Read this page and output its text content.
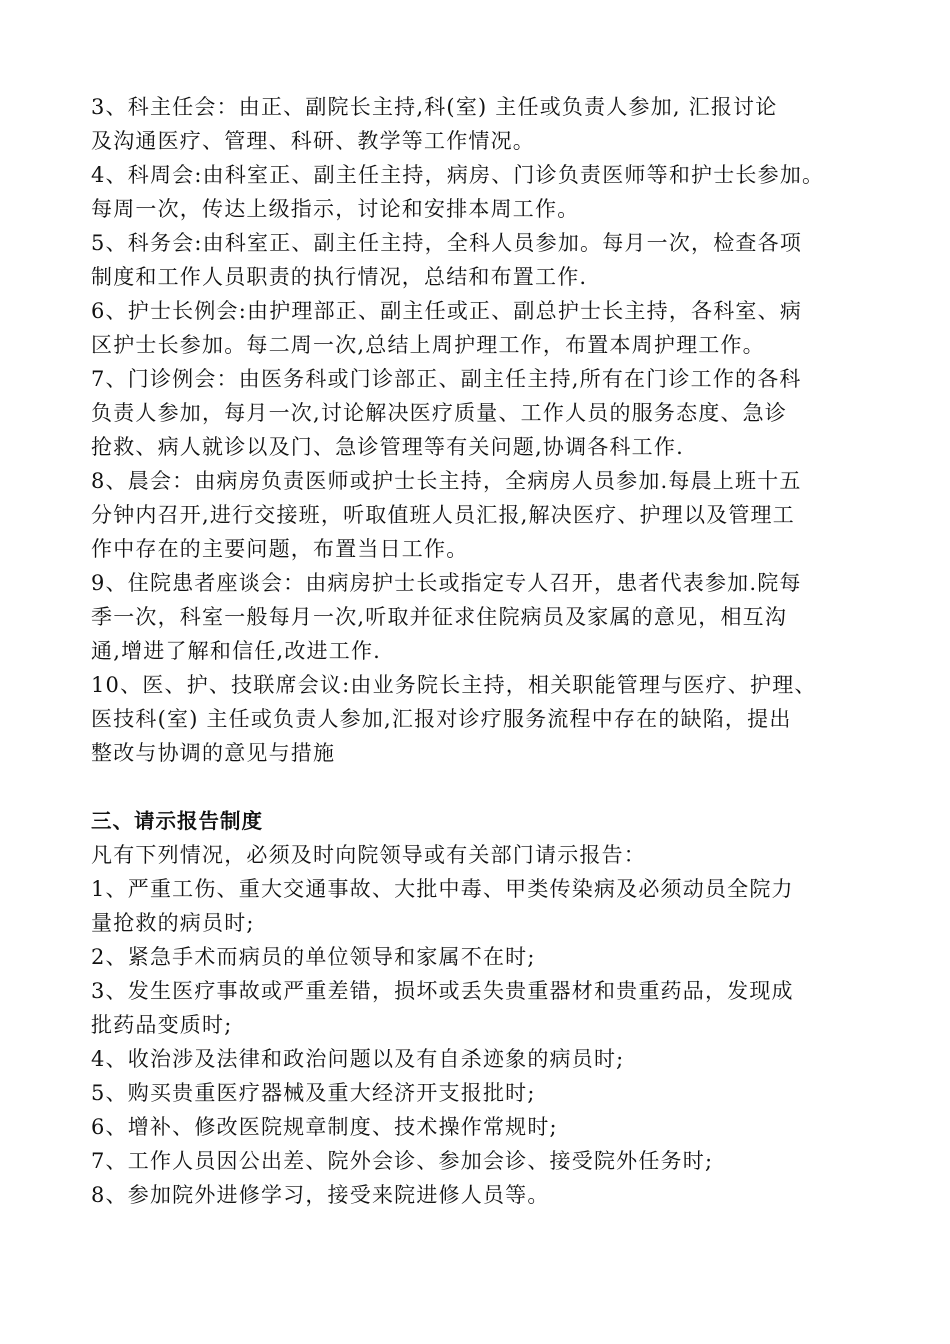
3、科主任会：由正、副院长主持,科(室) 主任或负责人参加, 汇报讨论
及沟通医疗、管理、科研、教学等工作情况。

4、科周会:由科室正、副主任主持，病房、门诊负责医师等和护士长参加。
每周一次，传达上级指示，讨论和安排本周工作。

5、科务会:由科室正、副主任主持，全科人员参加。每月一次，检查各项
制度和工作人员职责的执行情况，总结和布置工作.

6、护士长例会:由护理部正、副主任或正、副总护士长主持，各科室、病
区护士长参加。每二周一次,总结上周护理工作，布置本周护理工作。

7、门诊例会：由医务科或门诊部正、副主任主持,所有在门诊工作的各科
负责人参加，每月一次,讨论解决医疗质量、工作人员的服务态度、急诊
抢救、病人就诊以及门、急诊管理等有关问题,协调各科工作.

8、晨会：由病房负责医师或护士长主持，全病房人员参加.每晨上班十五
分钟内召开,进行交接班，听取值班人员汇报,解决医疗、护理以及管理工
作中存在的主要问题，布置当日工作。

9、住院患者座谈会：由病房护士长或指定专人召开，患者代表参加.院每
季一次，科室一般每月一次,听取并征求住院病员及家属的意见，相互沟
通,增进了解和信任,改进工作.

10、医、护、技联席会议:由业务院长主持，相关职能管理与医疗、护理、
医技科(室) 主任或负责人参加,汇报对诊疗服务流程中存在的缺陷，提出
整改与协调的意见与措施

三、请示报告制度

凡有下列情况，必须及时向院领导或有关部门请示报告：

1、严重工伤、重大交通事故、大批中毒、甲类传染病及必须动员全院力
量抢救的病员时;

2、紧急手术而病员的单位领导和家属不在时;

3、发生医疗事故或严重差错，损坏或丢失贵重器材和贵重药品，发现成
批药品变质时;

4、收治涉及法律和政治问题以及有自杀迹象的病员时;

5、购买贵重医疗器械及重大经济开支报批时;

6、增补、修改医院规章制度、技术操作常规时;

7、工作人员因公出差、院外会诊、参加会诊、接受院外任务时;

8、参加院外进修学习，接受来院进修人员等。
